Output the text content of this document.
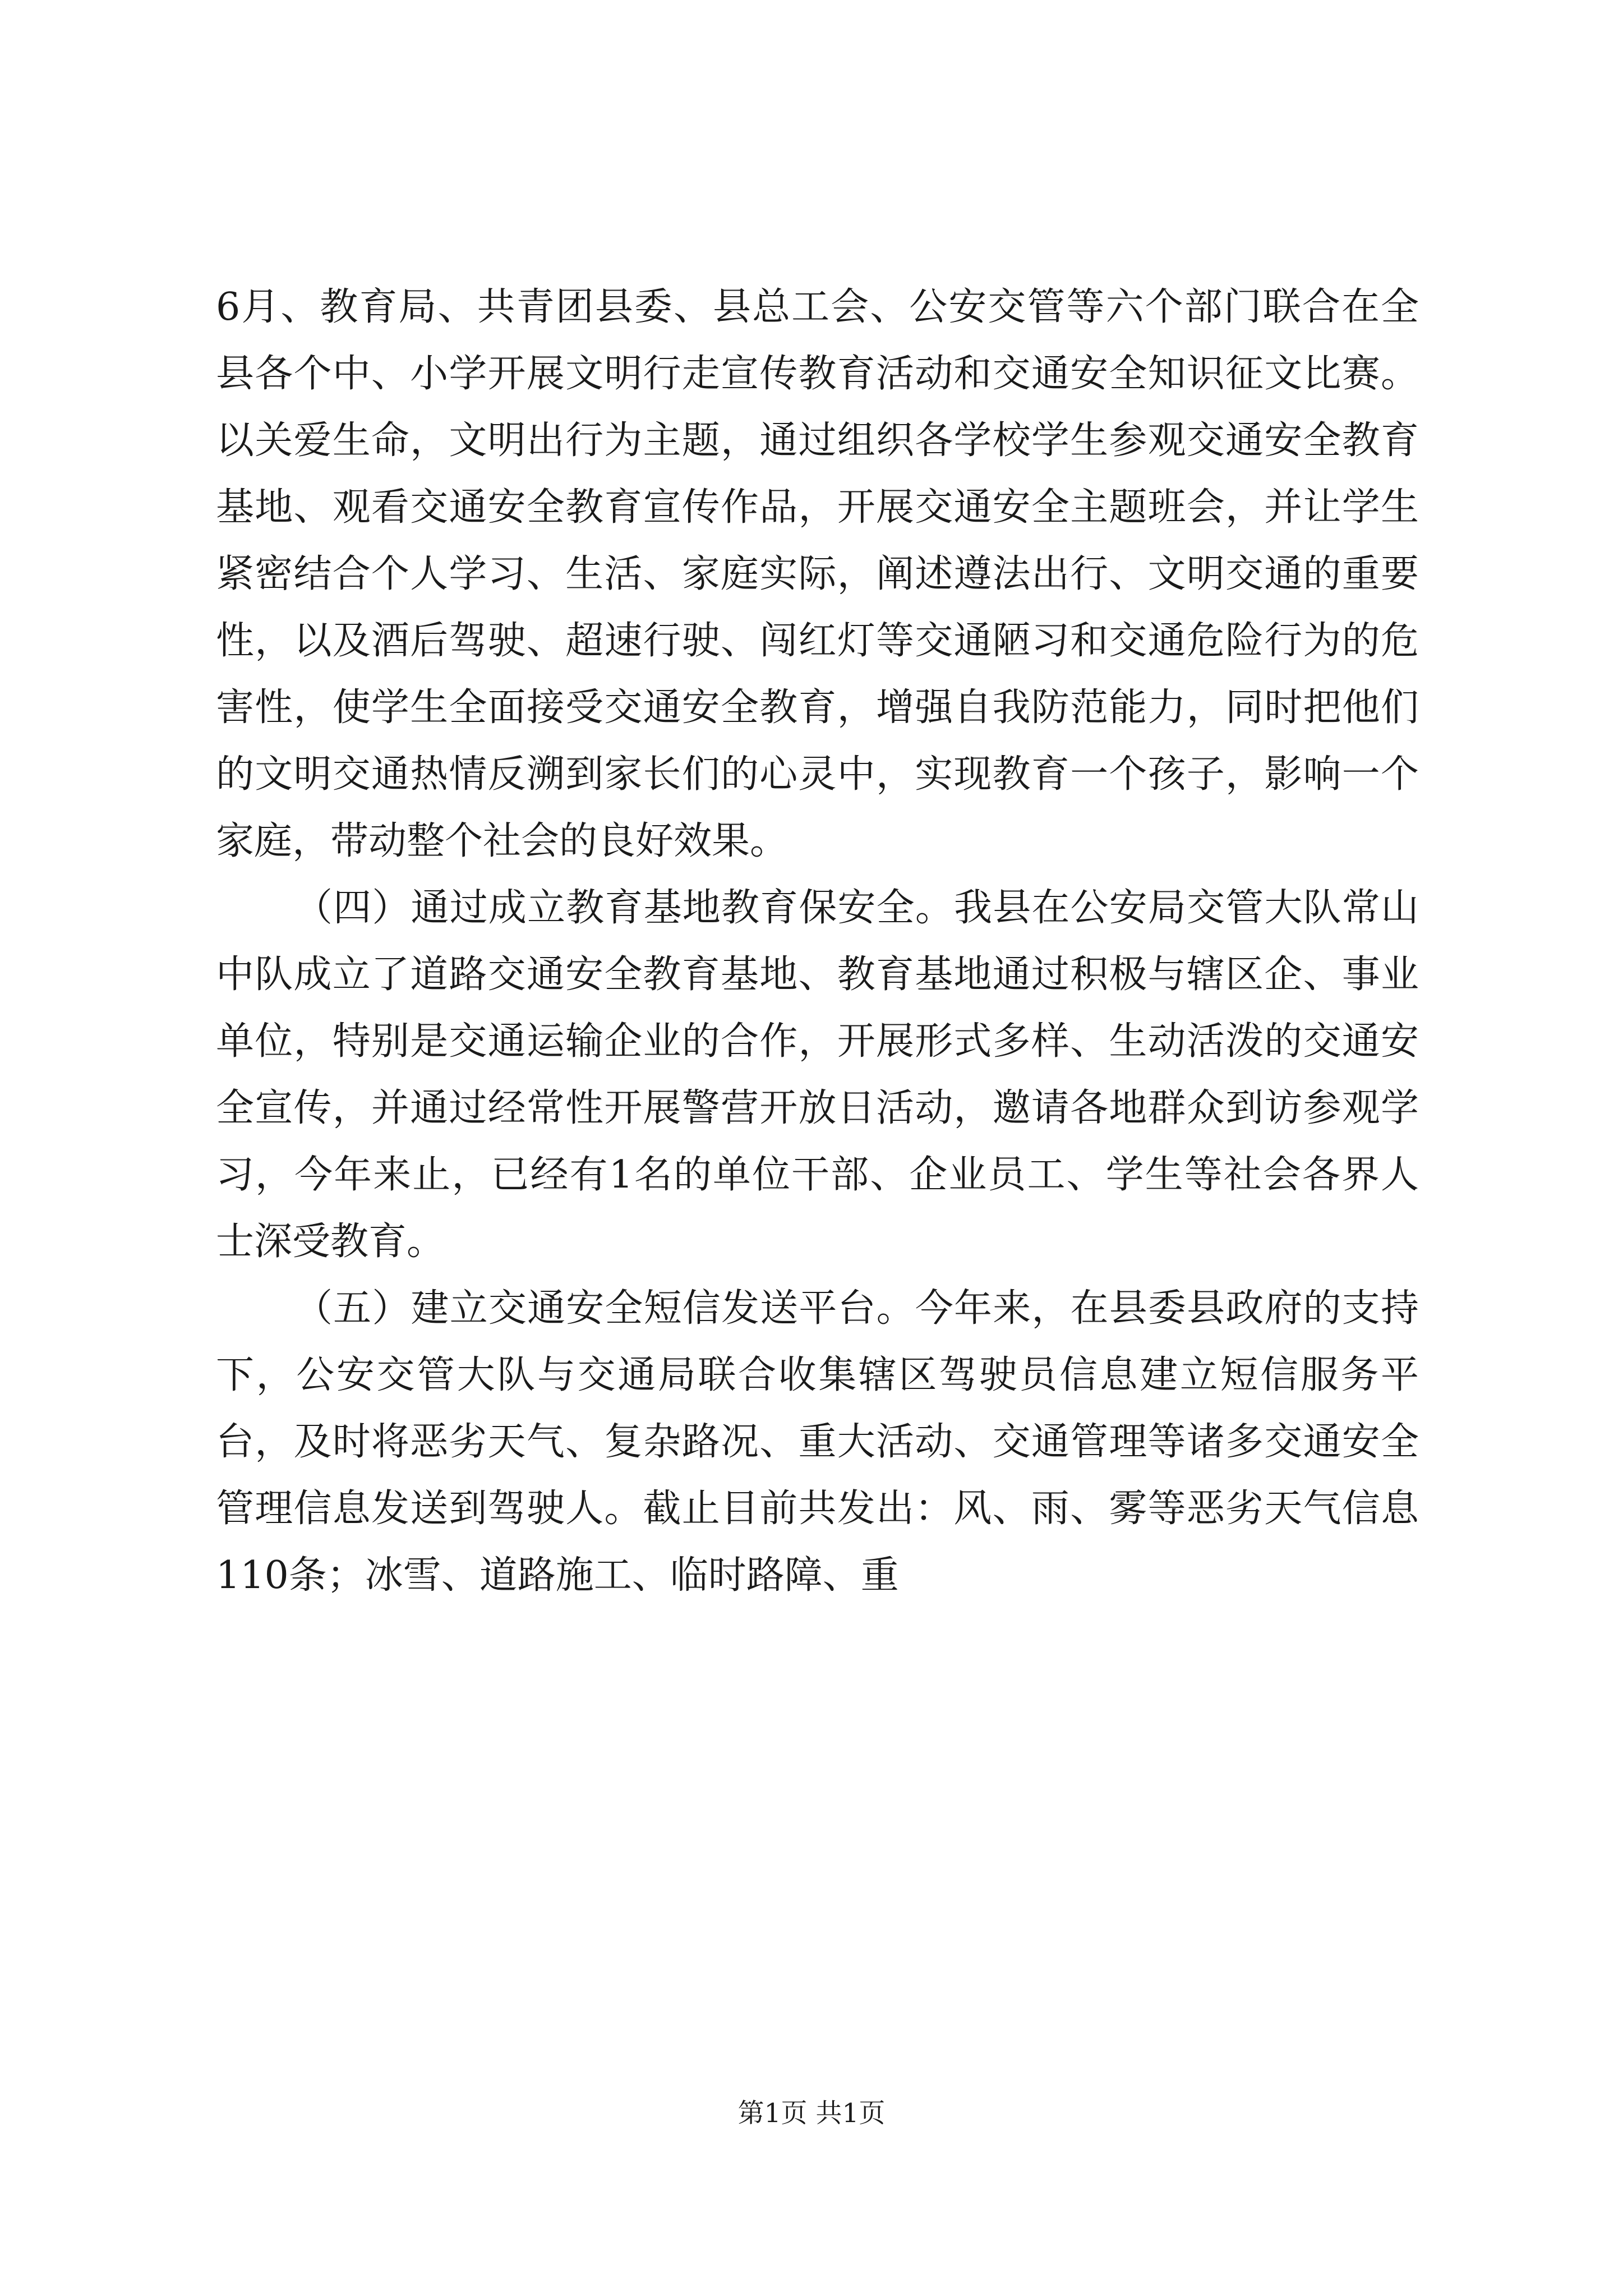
6月、教育局、共青团县委、县总工会、公安交管等六个部门联合在全县各个中、小学开展文明行走宣传教育活动和交通安全知识征文比赛。以关爱生命，文明出行为主题，通过组织各学校学生参观交通安全教育基地、观看交通安全教育宣传作品，开展交通安全主题班会，并让学生紧密结合个人学习、生活、家庭实际，阐述遵法出行、文明交通的重要性，以及酒后驾驶、超速行驶、闯红灯等交通陋习和交通危险行为的危害性，使学生全面接受交通安全教育，增强自我防范能力，同时把他们的文明交通热情反溯到家长们的心灵中，实现教育一个孩子，影响一个家庭，带动整个社会的良好效果。

（四）通过成立教育基地教育保安全。我县在公安局交管大队常山中队成立了道路交通安全教育基地、教育基地通过积极与辖区企、事业单位，特别是交通运输企业的合作，开展形式多样、生动活泼的交通安全宣传，并通过经常性开展警营开放日活动，邀请各地群众到访参观学习，今年来止，已经有1名的单位干部、企业员工、学生等社会各界人士深受教育。

（五）建立交通安全短信发送平台。今年来，在县委县政府的支持下，公安交管大队与交通局联合收集辖区驾驶员信息建立短信服务平台，及时将恶劣天气、复杂路况、重大活动、交通管理等诸多交通安全管理信息发送到驾驶人。截止目前共发出：风、雨、雾等恶劣天气信息110条；冰雪、道路施工、临时路障、重

第1页 共1页
